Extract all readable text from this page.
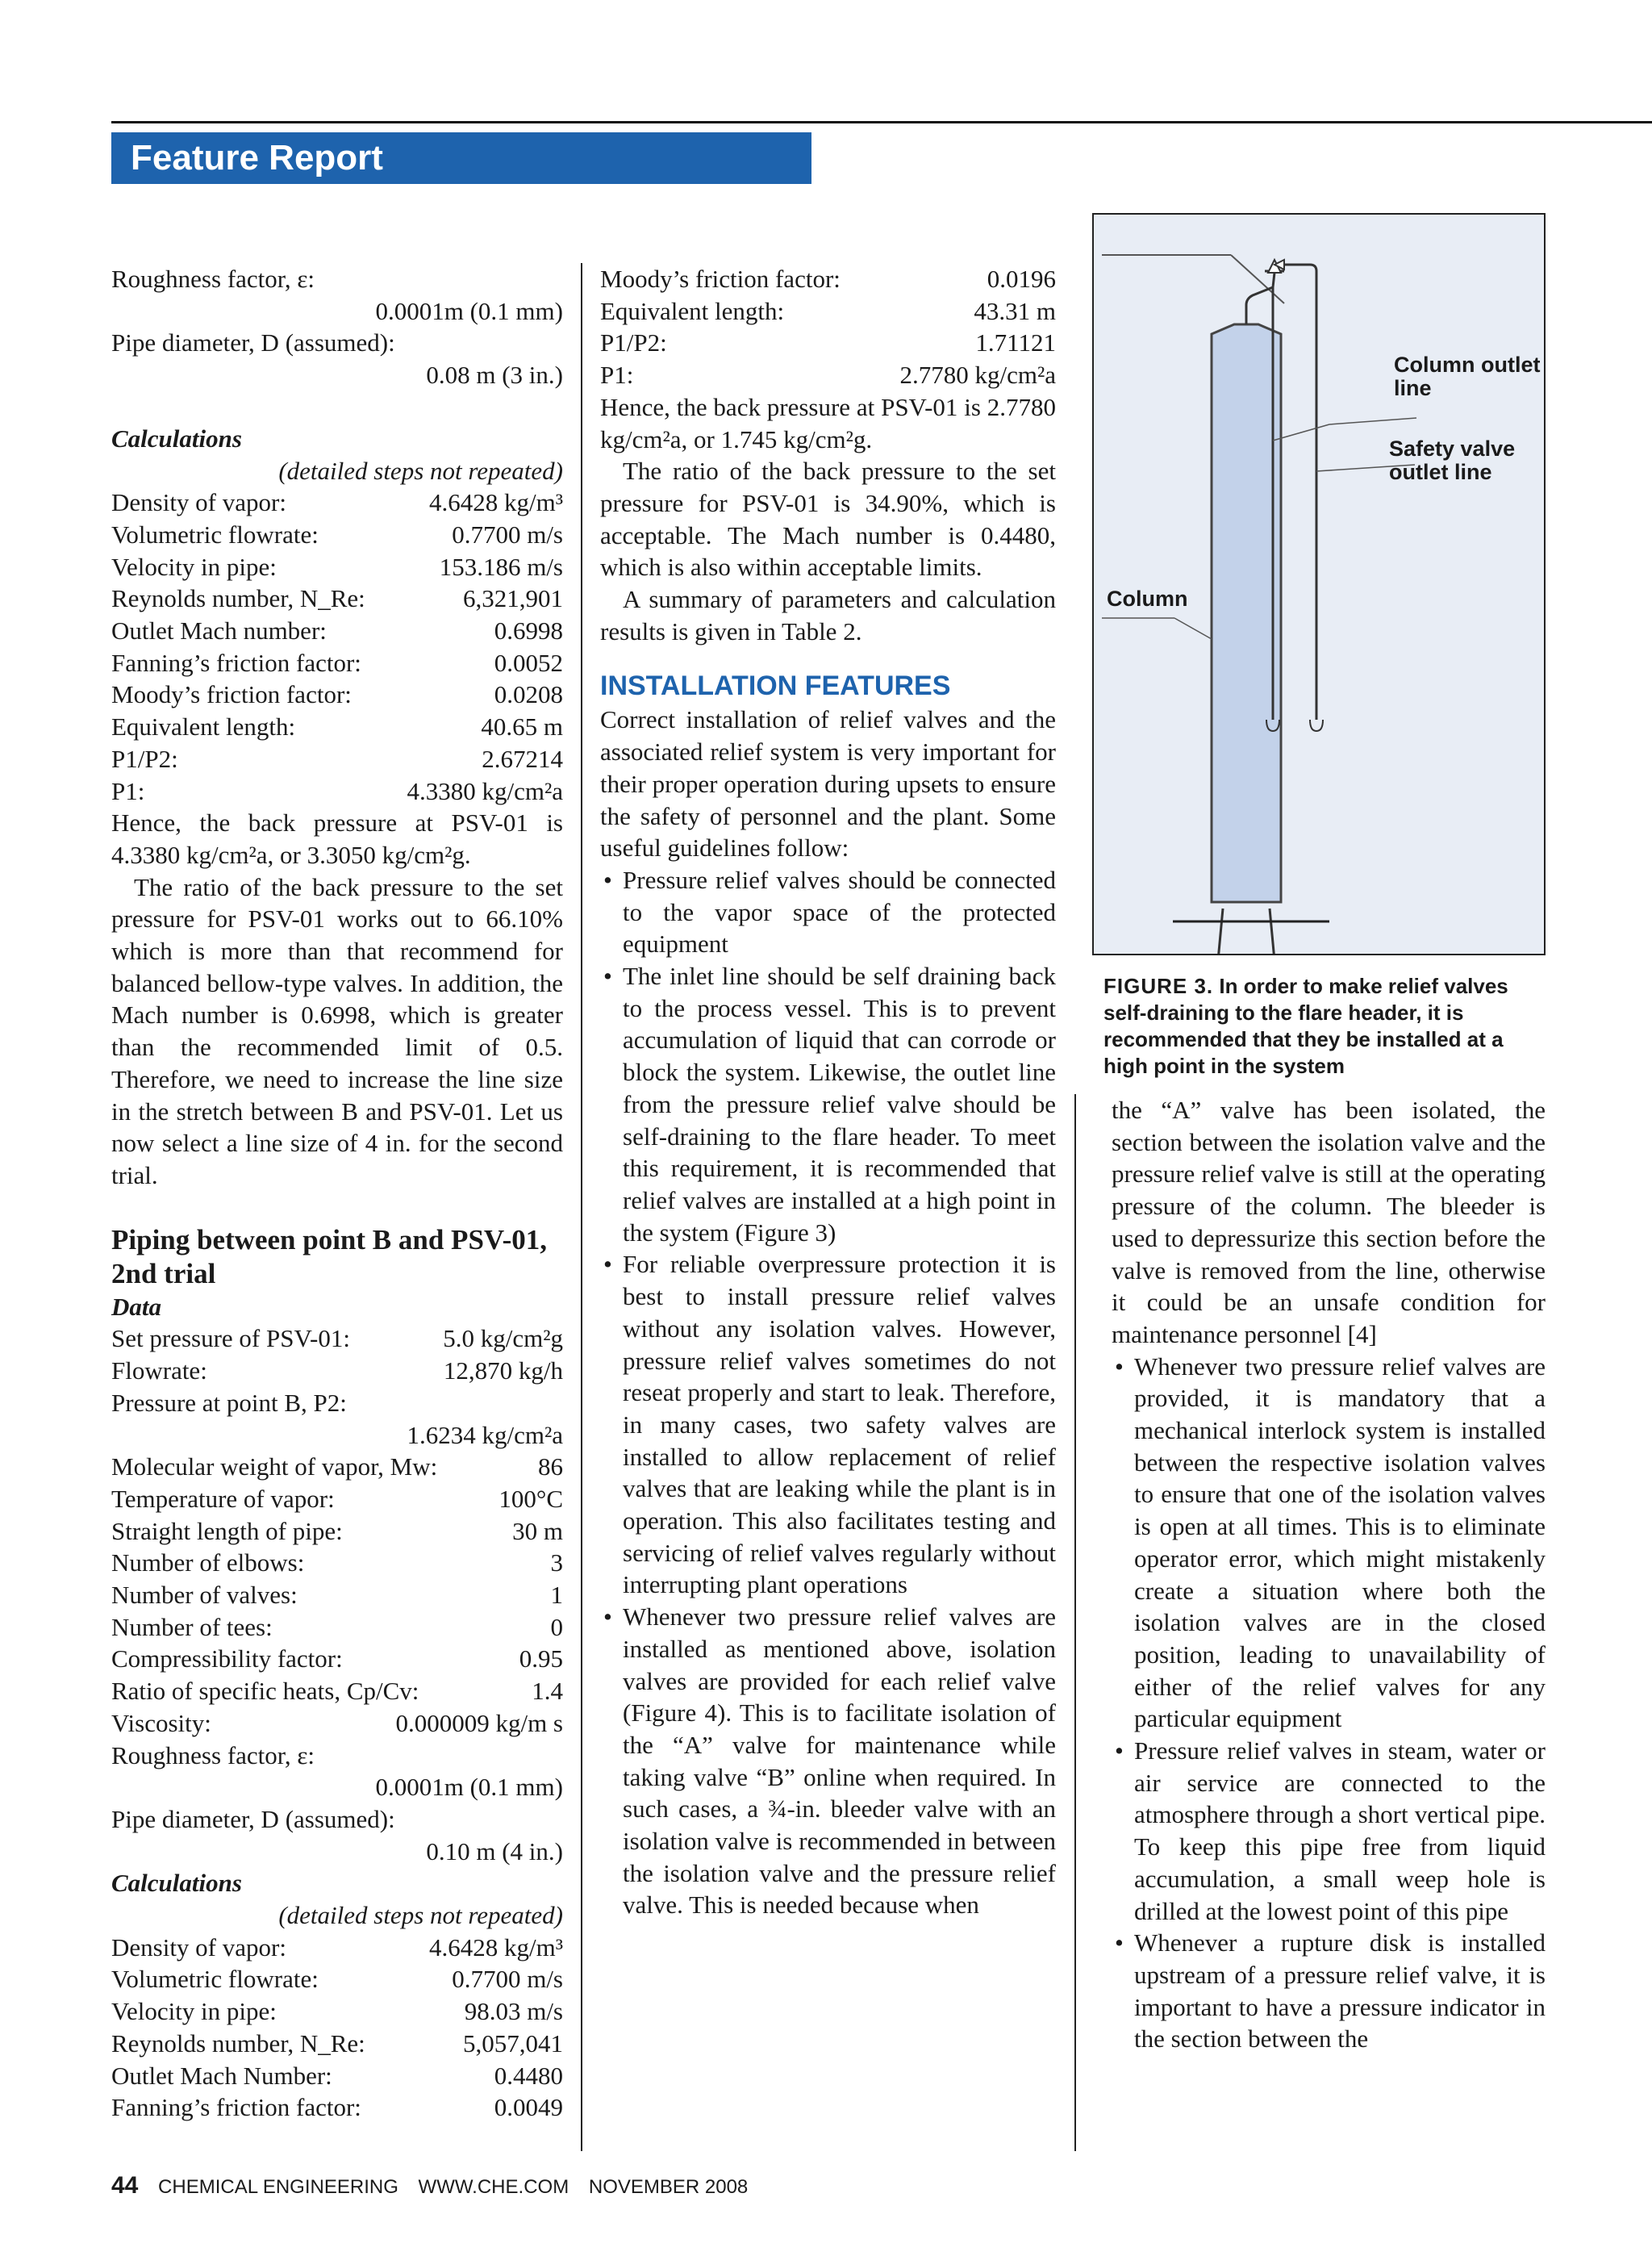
Feature Report
Roughness factor, ε:
0.0001m (0.1 mm)
Pipe diameter, D (assumed):
0.08 m (3 in.)
Calculations
(detailed steps not repeated)
Density of vapor:	4.6428 kg/m³
Volumetric flowrate:	0.7700 m/s
Velocity in pipe:	153.186 m/s
Reynolds number, N_Re:	6,321,901
Outlet Mach number:	0.6998
Fanning’s friction factor:	0.0052
Moody’s friction factor:	0.0208
Equivalent length:	40.65 m
P1/P2:	2.67214
P1:	4.3380 kg/cm²a
Hence, the back pressure at PSV-01 is 4.3380 kg/cm²a, or 3.3050 kg/cm²g.
The ratio of the back pressure to the set pressure for PSV-01 works out to 66.10% which is more than that recommend for balanced bellow-type valves. In addition, the Mach number is 0.6998, which is greater than the recommended limit of 0.5. Therefore, we need to increase the line size in the stretch between B and PSV-01. Let us now select a line size of 4 in. for the second trial.
Piping between point B and PSV-01, 2nd trial
Data
Set pressure of PSV-01:	5.0 kg/cm²g
Flowrate:	12,870 kg/h
Pressure at point B, P2:
1.6234 kg/cm²a
Molecular weight of vapor, Mw:	86
Temperature of vapor:	100°C
Straight length of pipe:	30 m
Number of elbows:	3
Number of valves:	1
Number of tees:	0
Compressibility factor:	0.95
Ratio of specific heats, Cp/Cv:	1.4
Viscosity:	0.000009 kg/m s
Roughness factor, ε:
0.0001m (0.1 mm)
Pipe diameter, D (assumed):
0.10 m (4 in.)
Calculations
(detailed steps not repeated)
Density of vapor:	4.6428 kg/m³
Volumetric flowrate:	0.7700 m/s
Velocity in pipe:	98.03 m/s
Reynolds number, N_Re:	5,057,041
Outlet Mach Number:	0.4480
Fanning’s friction factor:	0.0049
Moody’s friction factor:	0.0196
Equivalent length:	43.31 m
P1/P2:	1.71121
P1:	2.7780 kg/cm²a
Hence, the back pressure at PSV-01 is 2.7780 kg/cm²a, or 1.745 kg/cm²g.
The ratio of the back pressure to the set pressure for PSV-01 is 34.90%, which is acceptable. The Mach number is 0.4480, which is also within acceptable limits.
A summary of parameters and calculation results is given in Table 2.
INSTALLATION FEATURES
Correct installation of relief valves and the associated relief system is very important for their proper operation during upsets to ensure the safety of personnel and the plant. Some useful guidelines follow:
• Pressure relief valves should be connected to the vapor space of the protected equipment
• The inlet line should be self draining back to the process vessel. This is to prevent accumulation of liquid that can corrode or block the system. Likewise, the outlet line from the pressure relief valve should be self-draining to the flare header. To meet this requirement, it is recommended that relief valves are installed at a high point in the system (Figure 3)
• For reliable overpressure protection it is best to install pressure relief valves without any isolation valves. However, pressure relief valves sometimes do not reseat properly and start to leak. Therefore, in many cases, two safety valves are installed to allow replacement of relief valves that are leaking while the plant is in operation. This also facilitates testing and servicing of relief valves regularly without interrupting plant operations
• Whenever two pressure relief valves are installed as mentioned above, isolation valves are provided for each relief valve (Figure 4). This is to facilitate isolation of the “A” valve for maintenance while taking valve “B” online when required. In such cases, a ¾-in. bleeder valve with an isolation valve is recommended in between the isolation valve and the pressure relief valve. This is needed because when
Column outlet line
Safety valve outlet line
Column
FIGURE 3. In order to make relief valves self-draining to the flare header, it is recommended that they be installed at a high point in the system
the “A” valve has been isolated, the section between the isolation valve and the pressure relief valve is still at the operating pressure of the column. The bleeder is used to depressurize this section before the valve is removed from the line, otherwise it could be an unsafe condition for maintenance personnel [4]
• Whenever two pressure relief valves are provided, it is mandatory that a mechanical interlock system is installed between the respective isolation valves to ensure that one of the isolation valves is open at all times. This is to eliminate operator error, which might mistakenly create a situation where both the isolation valves are in the closed position, leading to unavailability of either of the relief valves for any particular equipment
• Pressure relief valves in steam, water or air service are connected to the atmosphere through a short vertical pipe. To keep this pipe free from liquid accumulation, a small weep hole is drilled at the lowest point of this pipe
• Whenever a rupture disk is installed upstream of a pressure relief valve, it is important to have a pressure indicator in the section between the
44 CHEMICAL ENGINEERING WWW.CHE.COM NOVEMBER 2008
